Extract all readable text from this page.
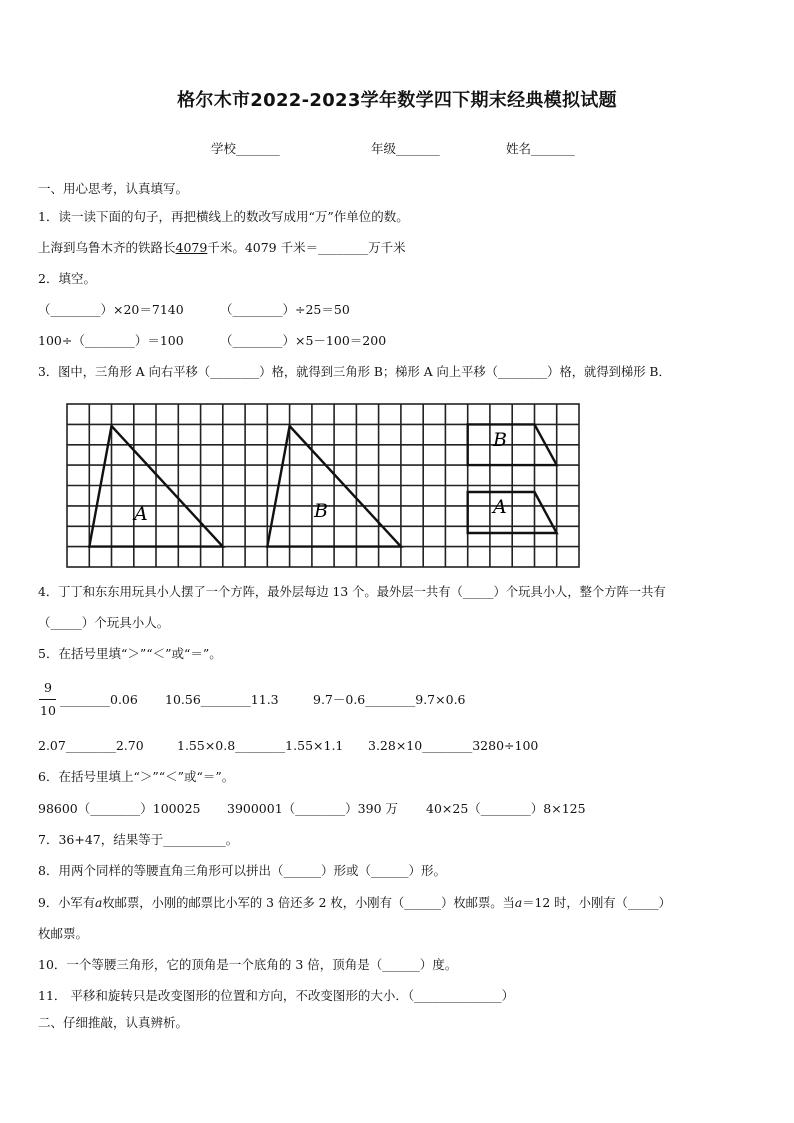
格尔木市2022-2023学年数学四下期末经典模拟试题
学校_______	年级_______	姓名_______
一、用心思考，认真填写。
1．读一读下面的句子，再把横线上的数改写成用“万”作单位的数。
上海到乌鲁木齐的铁路长4079千米。4079 千米＝________万千米
2．填空。
（________）×20＝7140	（________）÷25＝50
100÷（________）＝100	（________）×5－100＝200
3．图中，三角形 A 向右平移（________）格，就得到三角形 B；梯形 A 向上平移（________）格，就得到梯形 B．
A	B
B
A
4．丁丁和东东用玩具小人摆了一个方阵，最外层每边 13 个。最外层一共有（_____）个玩具小人，整个方阵一共有
（_____）个玩具小人。
5．在括号里填“＞”“＜”或“＝”。
9
10
________0.06 10.56________11.3	9.7－0.6________9.7×0.6
2.07________2.70	1.55×0.8________1.55×1.1 3.28×10________3280÷100
6．在括号里填上“＞”“＜”或“＝”。
98600（________）100025 3900001（________）390 万 40×25（________）8×125
7．36+47，结果等于__________。
8．用两个同样的等腰直角三角形可以拼出（______）形或（______）形。
9．小军有a枚邮票，小刚的邮票比小军的 3 倍还多 2 枚，小刚有（______）枚邮票。当a＝12 时，小刚有（_____）
枚邮票。
10．一个等腰三角形，它的顶角是一个底角的 3 倍，顶角是（______）度。
11． 平移和旋转只是改变图形的位置和方向，不改变图形的大小．（______________）
二、仔细推敲，认真辨析。
